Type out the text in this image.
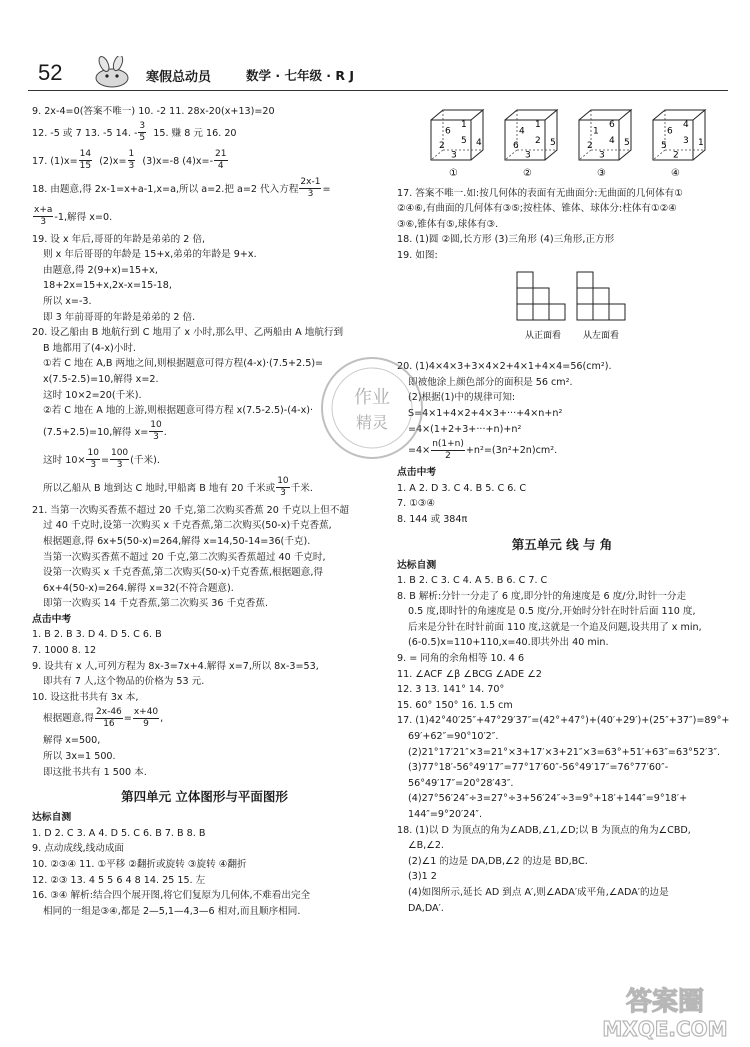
52	寒假总动员	数学 · 七年级 · R J
9. 2x-4=0(答案不唯一) 10. -2 11. 28x-20(x+13)=20
12. -5 或 7 13. -5 14. - $\frac{3}{5} 15$. 赚 8 元 16. 20
17. $(1)x= \frac{14}{15} (2)x= \frac{1}{3} (3)x=-8$ $(4)x=- \frac{21}{4}$
18. 由题意,得 2x-1=x+a-1,x=a,所以 a=2.把 a=2 代入方程 $\frac{2x-1}{3}$ =
$\frac{x+a}{3} -1$,解得 x=0.
19. 设 x 年后,哥哥的年龄是弟弟的 2 倍,
则 x 年后哥哥的年龄是 15+x,弟弟的年龄是 9+x.
由题意,得 2(9+x)=15+x,
18+2x=15+x,2x-x=15-18,
所以 x=-3.
即 3 年前哥哥的年龄是弟弟的 2 倍.
20. 设乙船由 B 地航行到 C 地用了 x 小时,那么甲、乙两船由 A 地航行到
B 地都用了(4-x)小时.
①若 C 地在 A,B 两地之间,则根据题意可得方程(4-x)·(7.5+2.5)=
x(7.5-2.5)=10,解得 x=2.
这时 10×2=20(千米).
②若 C 地在 A 地的上游,则根据题意可得方程 x(7.5-2.5)-(4-x)·
(7.5+2.5)=10,解得 $x= \frac{10}{3}$ .
这时 $10\times \frac{10}{3} = \frac{100}{3}$ (千米).
所以乙船从 B 地到达 C 地时,甲船离 B 地有 20 千米或 $\frac{10}{3}$ 千米.
21. 当第一次购买香蕉不超过 20 千克,第二次购买香蕉 20 千克以上但不超
过 40 千克时,设第一次购买 x 千克香蕉,第二次购买(50-x)千克香蕉,
根据题意,得 6x+5(50-x)=264,解得 x=14,50-14=36(千克).
当第一次购买香蕉不超过 20 千克,第二次购买香蕉超过 40 千克时,
设第一次购买 x 千克香蕉,第二次购买(50-x)千克香蕉,根据题意,得
6x+4(50-x)=264.解得 x=32(不符合题意).
即第一次购买 14 千克香蕉,第二次购买 36 千克香蕉.
点击中考
1. B 2. B 3. D 4. D 5. C 6. B
7. 1000 8. 12
9. 设共有 x 人,可列方程为 8x-3=7x+4.解得 x=7,所以 8x-3=53,
即共有 7 人,这个物品的价格为 53 元.
10. 设这批书共有 3x 本,
根据题意,得 $\frac{2x-46}{16} = \frac{x+40}{9}$ ,
解得 x=500,
所以 3x=1 500.
即这批书共有 1 500 本.
第四单元 立体图形与平面图形
达标自测
1. D 2. C 3. A 4. D 5. C 6. B 7. B 8. B
9. 点动成线,线动成面
10. ②③④ 11. ①平移 ②翻折或旋转 ③旋转 ④翻折
12. ②③ 13. 4 5 5 6 4 8 14. 25 15. 左
16. ③④ 解析:结合四个展开图,将它们复原为几何体,不难看出完全
相同的一组是③④,都是 2—5,1—4,3—6 相对,而且顺序相同.
6
2 5
3
1
4
①
4
6 2
3
1
5
②
1
2 4
3
6
5
③
6
5 3
2
4
1
④
17. 答案不唯一.如:按几何体的表面有无曲面分:无曲面的几何体有①
②④⑥,有曲面的几何体有③⑤;按柱体、锥体、球体分:柱体有①②④
③⑥,锥体有⑤,球体有③.
18. (1)圆 ②圆,长方形 (3)三角形 (4)三角形,正方形
19. 如图:
从正面看 从左面看
20. (1)4×4×3+3×4×2+4×1+4×4=56(cm²).
即被他涂上颜色部分的面积是 56 cm².
(2)根据(1)中的规律可知:
S=4×1+4×2+4×3+···+4×n+n²
=4×(1+2+3+···+n)+n²
$=4\times \frac{n(1+n)}{2} +n^2=(3n^2+2n)cm^2$.
点击中考
1. A 2. D 3. C 4. B 5. C 6. C
7. ①③④
8. 144 或 384π
第五单元 线 与 角
达标自测
1. B 2. C 3. C 4. A 5. B 6. C 7. C
8. B 解析:分针一分走了 6 度,即分针的角速度是 6 度/分,时针一分走
0.5 度,即时针的角速度是 0.5 度/分,开始时分针在时针后面 110 度,
后来是分针在时针前面 110 度,这就是一个追及问题,设共用了 x min,
(6-0.5)x=110+110,x=40.即共外出 40 min.
9. = 同角的余角相等 10. 4 6
11. ∠ACF ∠β ∠BCG ∠ADE ∠2
12. 3 13. 141° 14. 70°
15. 60° 150° 16. 1.5 cm
17. (1)42°40′25″+47°29′37″=(42°+47°)+(40′+29′)+(25″+37″)=89°+
69′+62″=90°10′2″.
(2)21°17′21″×3=21°×3+17′×3+21″×3=63°+51′+63″=63°52′3″.
(3)77°18′-56°49′17″=77°17′60″-56°49′17″=76°77′60″-
56°49′17″=20°28′43″.
(4)27°56′24″÷3=27°÷3+56′24″÷3=9°+18′+144″=9°18′+
144″=9°20′24″.
18. (1)以 D 为顶点的角为∠ADB,∠1,∠D;以 B 为顶点的角为∠CBD,
∠B,∠2.
(2)∠1 的边是 DA,DB,∠2 的边是 BD,BC.
(3)1 2
(4)如图所示,延长 AD 到点 A′,则∠ADA′成平角,∠ADA′的边是
DA,DA′.
作业
精灵
答案圈
MXQE.COM
